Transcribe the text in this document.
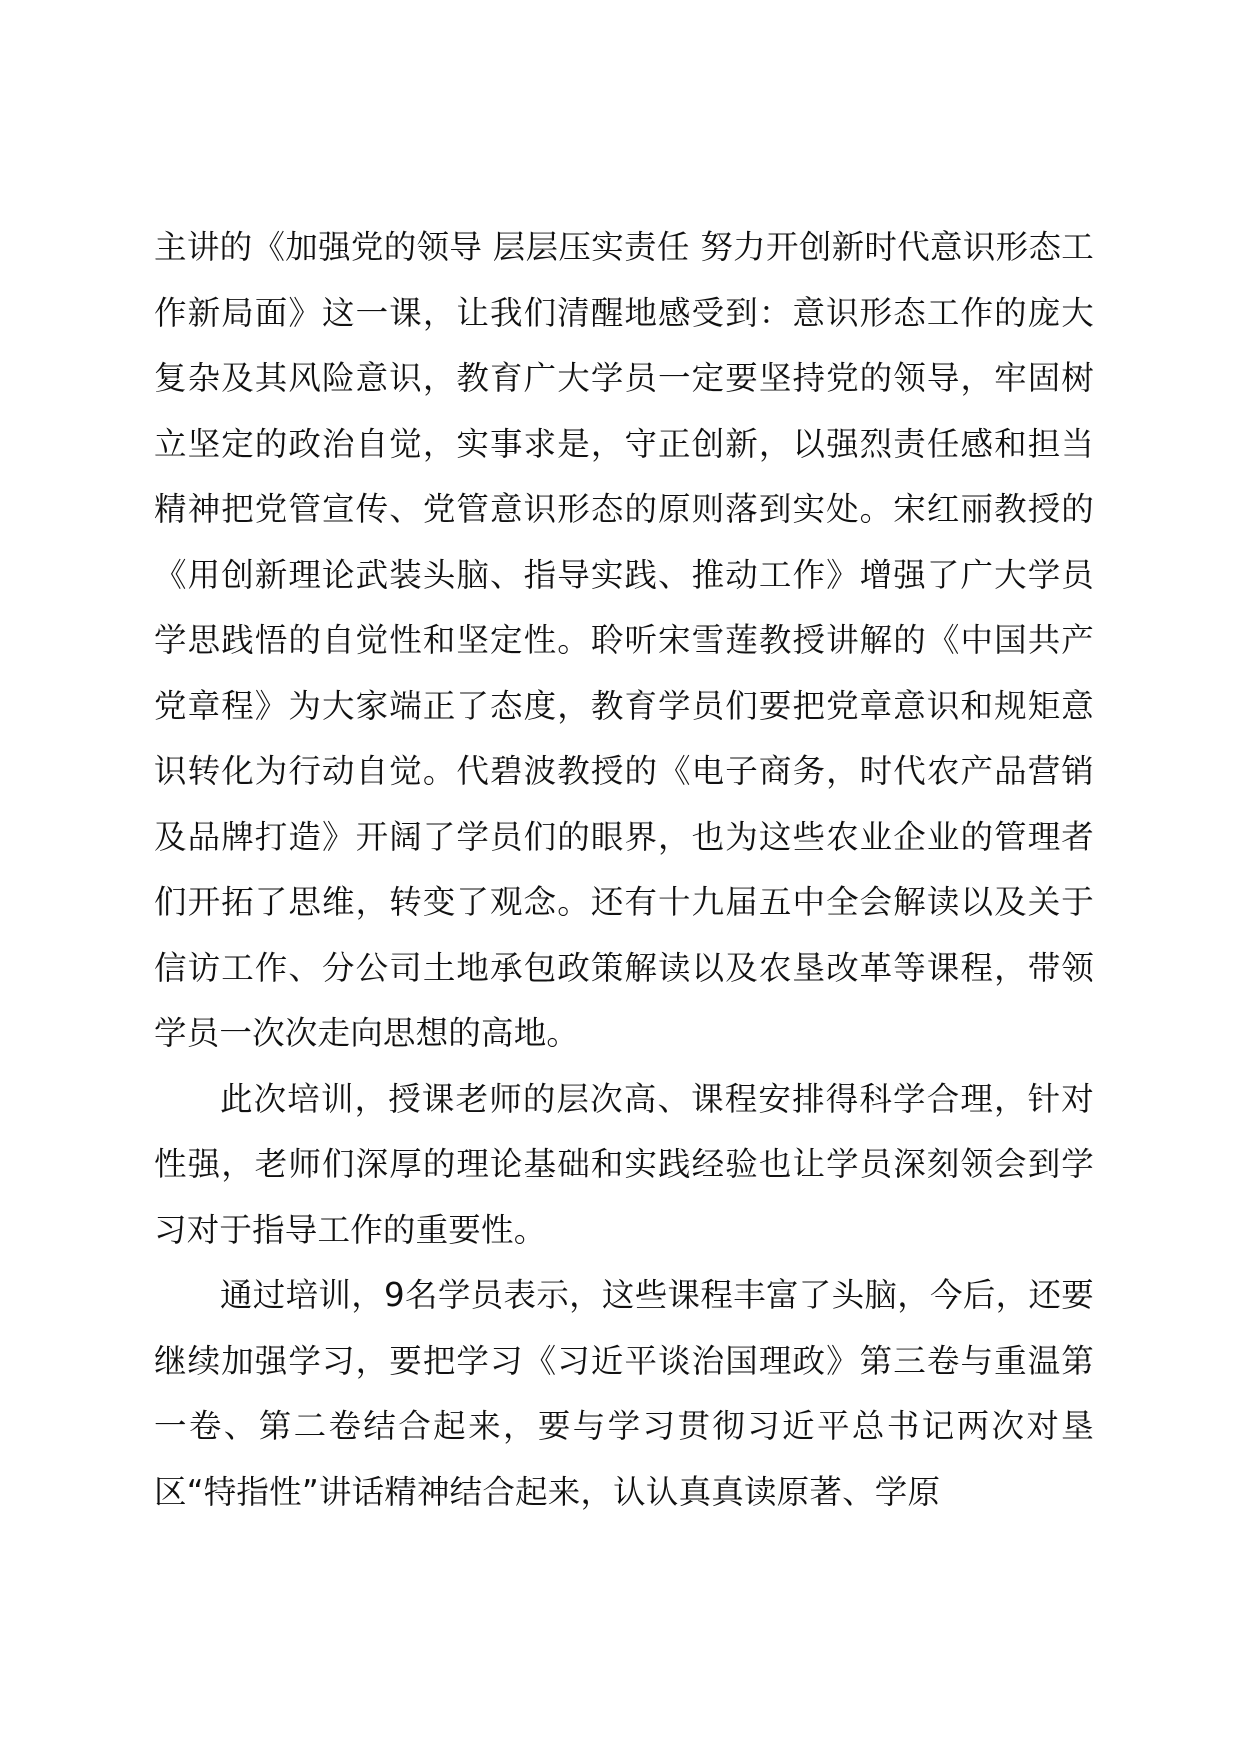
主讲的《加强党的领导 层层压实责任 努力开创新时代意识形态工作新局面》这一课，让我们清醒地感受到：意识形态工作的庞大复杂及其风险意识，教育广大学员一定要坚持党的领导，牢固树立坚定的政治自觉，实事求是，守正创新，以强烈责任感和担当精神把党管宣传、党管意识形态的原则落到实处。宋红丽教授的《用创新理论武装头脑、指导实践、推动工作》增强了广大学员学思践悟的自觉性和坚定性。聆听宋雪莲教授讲解的《中国共产党章程》为大家端正了态度，教育学员们要把党章意识和规矩意识转化为行动自觉。代碧波教授的《电子商务，时代农产品营销及品牌打造》开阔了学员们的眼界，也为这些农业企业的管理者们开拓了思维，转变了观念。还有十九届五中全会解读以及关于信访工作、分公司土地承包政策解读以及农垦改革等课程，带领学员一次次走向思想的高地。

此次培训，授课老师的层次高、课程安排得科学合理，针对性强，老师们深厚的理论基础和实践经验也让学员深刻领会到学习对于指导工作的重要性。

通过培训，9名学员表示，这些课程丰富了头脑，今后，还要继续加强学习，要把学习《习近平谈治国理政》第三卷与重温第一卷、第二卷结合起来，要与学习贯彻习近平总书记两次对垦区“特指性”讲话精神结合起来，认认真真读原著、学原
